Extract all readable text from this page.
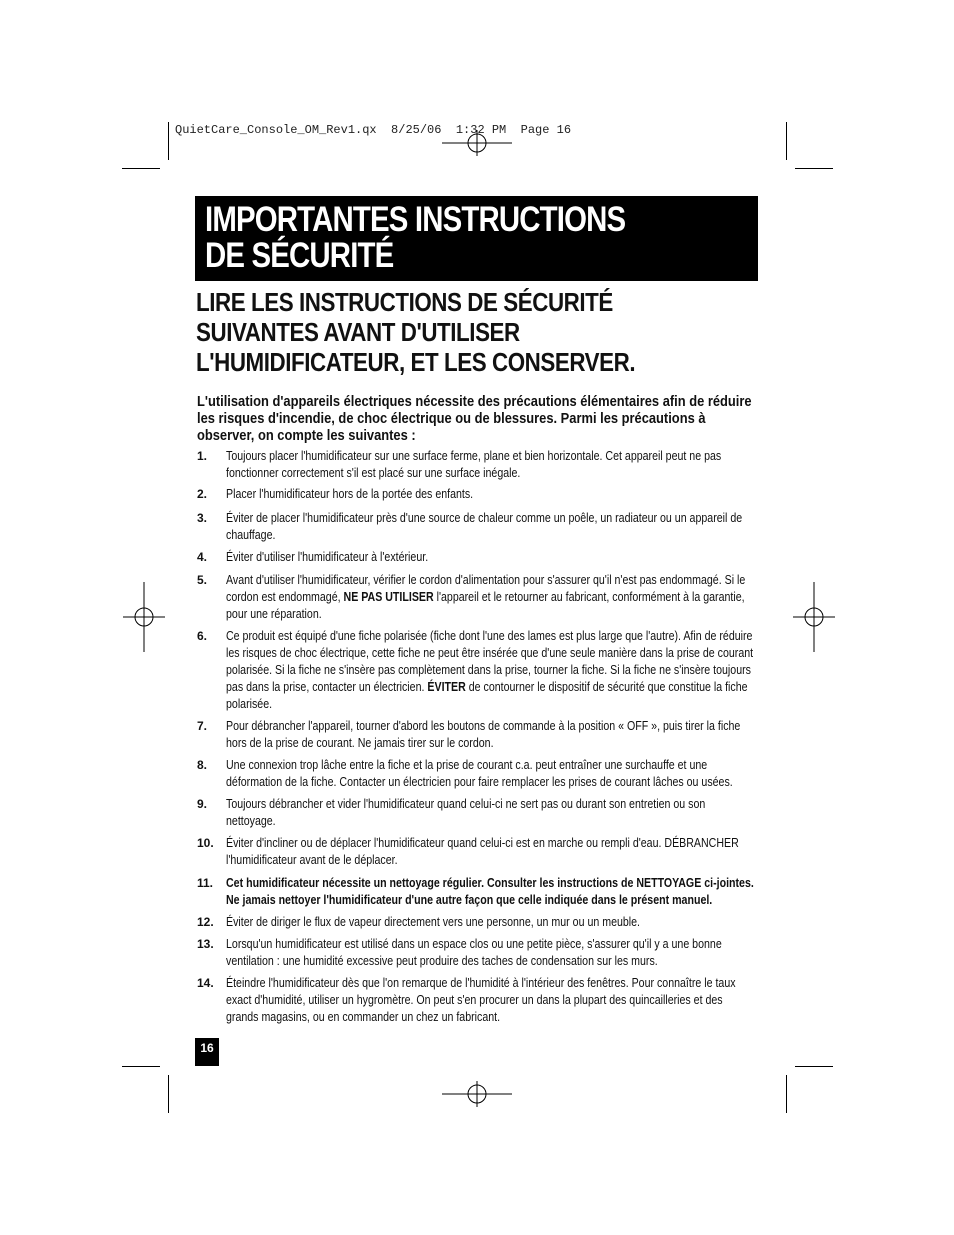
QuietCare_Console_OM_Rev1.qx  8/25/06  1:32 PM  Page 16
IMPORTANTES INSTRUCTIONS
DE SÉCURITÉ
LIRE LES INSTRUCTIONS DE SÉCURITÉ
SUIVANTES AVANT D'UTILISER
L'HUMIDIFICATEUR, ET LES CONSERVER.
L'utilisation d'appareils électriques nécessite des précautions élémentaires afin de réduire
les risques d'incendie, de choc électrique ou de blessures. Parmi les précautions à
observer, on compte les suivantes :
1. Toujours placer l'humidificateur sur une surface ferme, plane et bien horizontale. Cet appareil peut ne pas
fonctionner correctement s'il est placé sur une surface inégale.
2. Placer l'humidificateur hors de la portée des enfants.
3. Éviter de placer l'humidificateur près d'une source de chaleur comme un poêle, un radiateur ou un appareil de
chauffage.
4. Éviter d'utiliser l'humidificateur à l'extérieur.
5. Avant d'utiliser l'humidificateur, vérifier le cordon d'alimentation pour s'assurer qu'il n'est pas endommagé. Si le
cordon est endommagé, NE PAS UTILISER l'appareil et le retourner au fabricant, conformément à la garantie,
pour une réparation.
6. Ce produit est équipé d'une fiche polarisée (fiche dont l'une des lames est plus large que l'autre). Afin de réduire
les risques de choc électrique, cette fiche ne peut être insérée que d'une seule manière dans la prise de courant
polarisée. Si la fiche ne s'insère pas complètement dans la prise, tourner la fiche. Si la fiche ne s'insère toujours
pas dans la prise, contacter un électricien. ÉVITER de contourner le dispositif de sécurité que constitue la fiche
polarisée.
7. Pour débrancher l'appareil, tourner d'abord les boutons de commande à la position « OFF », puis tirer la fiche
hors de la prise de courant. Ne jamais tirer sur le cordon.
8. Une connexion trop lâche entre la fiche et la prise de courant c.a. peut entraîner une surchauffe et une
déformation de la fiche. Contacter un électricien pour faire remplacer les prises de courant lâches ou usées.
9. Toujours débrancher et vider l'humidificateur quand celui-ci ne sert pas ou durant son entretien ou son
nettoyage.
10. Éviter d'incliner ou de déplacer l'humidificateur quand celui-ci est en marche ou rempli d'eau. DÉBRANCHER
l'humidificateur avant de le déplacer.
11. Cet humidificateur nécessite un nettoyage régulier. Consulter les instructions de NETTOYAGE ci-jointes.
Ne jamais nettoyer l'humidificateur d'une autre façon que celle indiquée dans le présent manuel.
12. Éviter de diriger le flux de vapeur directement vers une personne, un mur ou un meuble.
13. Lorsqu'un humidificateur est utilisé dans un espace clos ou une petite pièce, s'assurer qu'il y a une bonne
ventilation : une humidité excessive peut produire des taches de condensation sur les murs.
14. Éteindre l'humidificateur dès que l'on remarque de l'humidité à l'intérieur des fenêtres. Pour connaître le taux
exact d'humidité, utiliser un hygromètre. On peut s'en procurer un dans la plupart des quincailleries et des
grands magasins, ou en commander un chez un fabricant.
16
